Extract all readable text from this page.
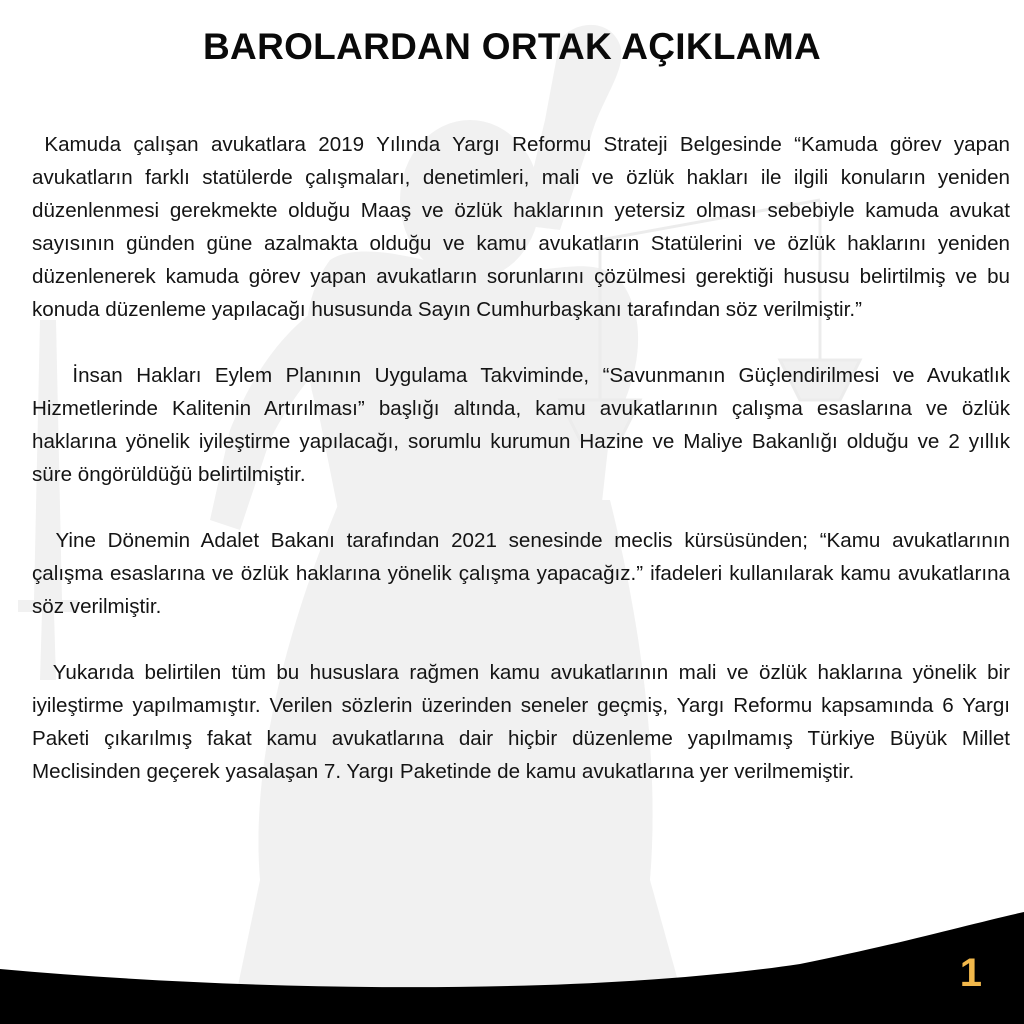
BAROLARDAN ORTAK AÇIKLAMA

Kamuda çalışan avukatlara 2019 Yılında Yargı Reformu Strateji Belgesinde “Kamuda görev yapan avukatların farklı statülerde çalışmaları, denetimleri, mali ve özlük hakları ile ilgili konuların yeniden düzenlenmesi gerekmekte olduğu Maaş ve özlük haklarının yetersiz olması sebebiyle kamuda avukat sayısının günden güne azalmakta olduğu ve kamu avukatların Statülerini ve özlük haklarını yeniden düzenlenerek kamuda görev yapan avukatların sorunlarını çözülmesi gerektiği hususu belirtilmiş ve bu konuda düzenleme yapılacağı hususunda Sayın Cumhurbaşkanı tarafından söz verilmiştir.”

İnsan Hakları Eylem Planının Uygulama Takviminde, “Savunmanın Güçlendirilmesi ve Avukatlık Hizmetlerinde Kalitenin Artırılması” başlığı altında, kamu avukatlarının çalışma esaslarına ve özlük haklarına yönelik iyileştirme yapılacağı, sorumlu kurumun Hazine ve Maliye Bakanlığı olduğu ve 2 yıllık süre öngörüldüğü belirtilmiştir.

Yine Dönemin Adalet Bakanı tarafından 2021 senesinde meclis kürsüsünden; “Kamu avukatlarının çalışma esaslarına ve özlük haklarına yönelik çalışma yapacağız.” ifadeleri kullanılarak kamu avukatlarına söz verilmiştir.

Yukarıda belirtilen tüm bu hususlara rağmen kamu avukatlarının mali ve özlük haklarına yönelik bir iyileştirme yapılmamıştır. Verilen sözlerin üzerinden seneler geçmiş, Yargı Reformu kapsamında 6 Yargı Paketi çıkarılmış fakat kamu avukatlarına dair hiçbir düzenleme yapılmamış Türkiye Büyük Millet Meclisinden geçerek yasalaşan 7. Yargı Paketinde de kamu avukatlarına yer verilmemiştir.

1
